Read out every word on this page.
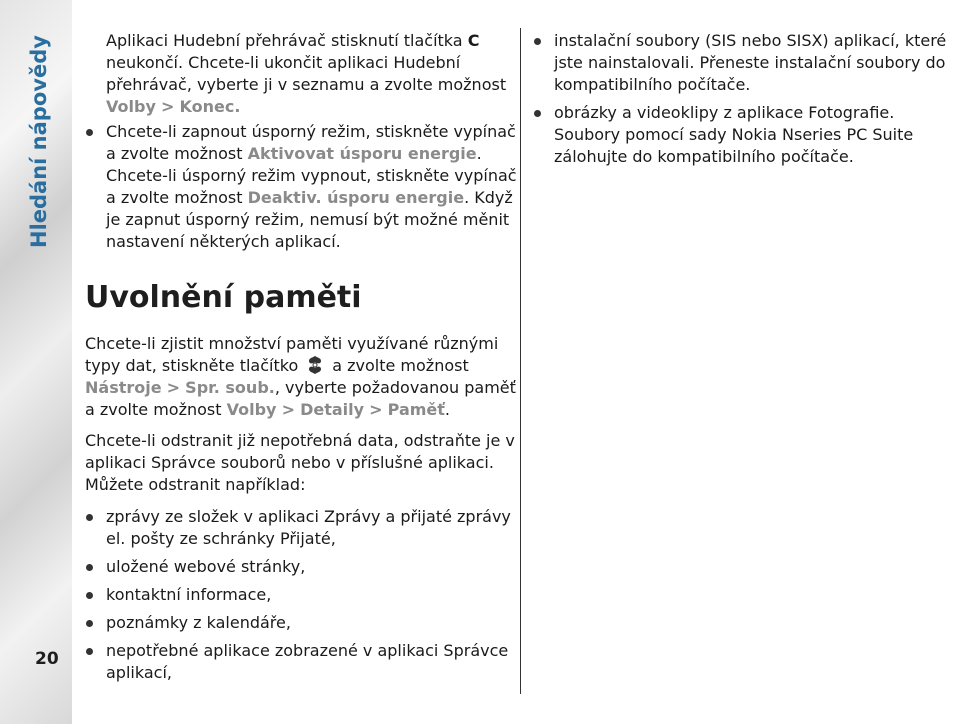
Hledání nápovědy
20
Aplikaci Hudební přehrávač stisknutí tlačítka C neukončí. Chcete-li ukončit aplikaci Hudební přehrávač, vyberte ji v seznamu a zvolte možnost Volby > Konec.
Chcete-li zapnout úsporný režim, stiskněte vypínač a zvolte možnost Aktivovat úsporu energie. Chcete-li úsporný režim vypnout, stiskněte vypínač a zvolte možnost Deaktiv. úsporu energie. Když je zapnut úsporný režim, nemusí být možné měnit nastavení některých aplikací.
Uvolnění paměti

Chcete-li zjistit množství paměti využívané různými typy dat, stiskněte tlačítko a zvolte možnost Nástroje > Spr. soub., vyberte požadovanou paměť a zvolte možnost Volby > Detaily > Paměť.

Chcete-li odstranit již nepotřebná data, odstraňte je v aplikaci Správce souborů nebo v příslušné aplikaci. Můžete odstranit například:

zprávy ze složek v aplikaci Zprávy a přijaté zprávy el. pošty ze schránky Přijaté,
uložené webové stránky,
kontaktní informace,
poznámky z kalendáře,
nepotřebné aplikace zobrazené v aplikaci Správce aplikací,
instalační soubory (SIS nebo SISX) aplikací, které jste nainstalovali. Přeneste instalační soubory do kompatibilního počítače.
obrázky a videoklipy z aplikace Fotografie. Soubory pomocí sady Nokia Nseries PC Suite zálohujte do kompatibilního počítače.
